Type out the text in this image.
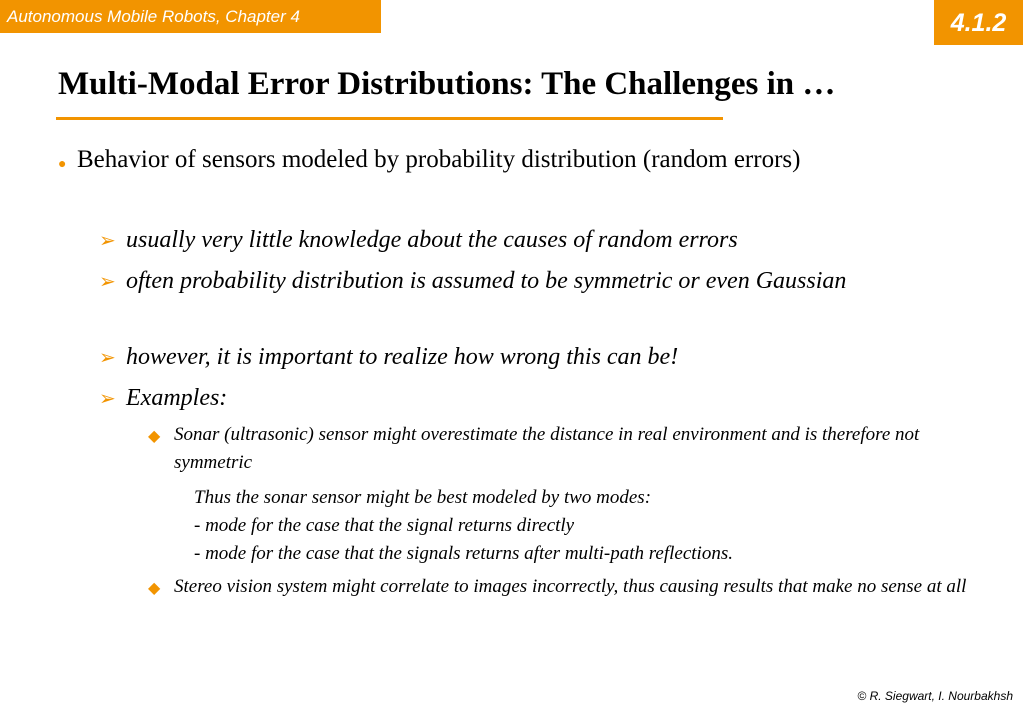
Autonomous Mobile Robots, Chapter 4	4.1.2
Multi-Modal Error Distributions: The Challenges in …
● Behavior of sensors modeled by probability distribution (random errors)
➢ usually very little knowledge about the causes of random errors
➢ often probability distribution is assumed to be symmetric or even Gaussian
➢ however, it is important to realize how wrong this can be!
➢ Examples:
◆ Sonar (ultrasonic) sensor might overestimate the distance in real environment and is therefore not symmetric
Thus the sonar sensor might be best modeled by two modes:
- mode for the case that the signal returns directly
- mode for the case that the signals returns after multi-path reflections.
◆ Stereo vision system might correlate to images incorrectly, thus causing results that make no sense at all
© R. Siegwart, I. Nourbakhsh
